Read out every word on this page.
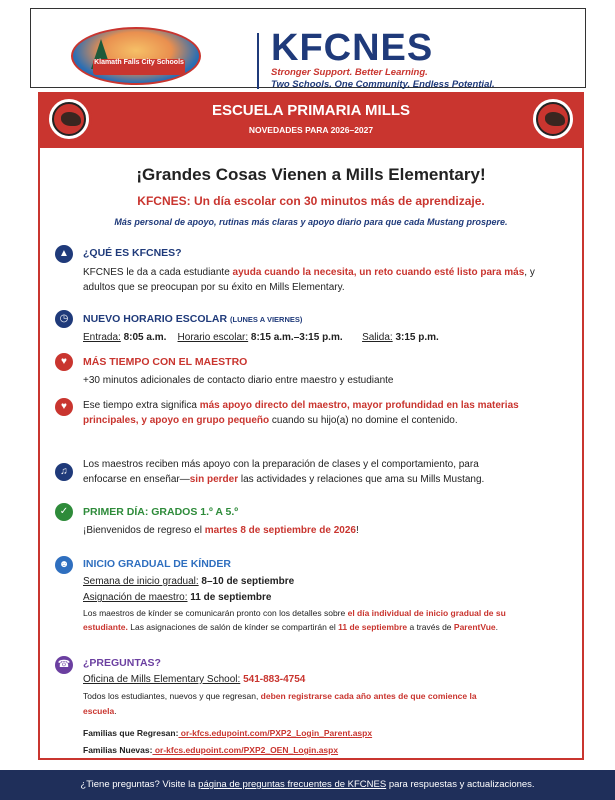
Klamath Falls City Schools KFCNES
Stronger Support. Better Learning.
Two Schools. One Community. Endless Potential.
ESCUELA PRIMARIA MILLS
NOVEDADES PARA 2026–2027
¡Grandes Cosas Vienen a Mills Elementary!
KFCNES: Un día escolar con 30 minutos más de aprendizaje.
Más personal de apoyo, rutinas más claras y apoyo diario para que cada Mustang prospere.
▲	¿QUÉ ES KFCNES?
KFCNES le da a cada estudiante ayuda cuando la necesita, un reto cuando esté listo para más, y
adultos que se preocupan por su éxito en Mills Elementary.
◷	NUEVO HORARIO ESCOLAR (LUNES A VIERNES)
Entrada: 8:05 a.m. Horario escolar: 8:15 a.m.–3:15 p.m. Salida: 3:15 p.m.
♥	MÁS TIEMPO CON EL MAESTRO
+30 minutos adicionales de contacto diario entre maestro y estudiante
♥	Ese tiempo extra significa más apoyo directo del maestro, mayor profundidad en las materias
principales, y apoyo en grupo pequeño cuando su hijo(a) no domine el contenido.
♫
Los maestros reciben más apoyo con la preparación de clases y el comportamiento, para
enfocarse en enseñar—sin perder las actividades y relaciones que ama su Mills Mustang.
✓	PRIMER DÍA: GRADOS 1.º A 5.º
¡Bienvenidos de regreso el martes 8 de septiembre de 2026!
☻	INICIO GRADUAL DE KÍNDER
Semana de inicio gradual: 8–10 de septiembre
Asignación de maestro: 11 de septiembre
Los maestros de kínder se comunicarán pronto con los detalles sobre el día individual de inicio gradual de su
estudiante. Las asignaciones de salón de kínder se compartirán el 11 de septiembre a través de ParentVue.
☎ ¿PREGUNTAS?
Oficina de Mills Elementary School: 541-883-4754
Todos los estudiantes, nuevos y que regresan, deben registrarse cada año antes de que comience la
escuela.
Familias que Regresan: or-kfcs.edupoint.com/PXP2_Login_Parent.aspx
Familias Nuevas: or-kfcs.edupoint.com/PXP2_OEN_Login.aspx
¿Tiene preguntas? Visite la página de preguntas frecuentes de KFCNES para respuestas y actualizaciones.
